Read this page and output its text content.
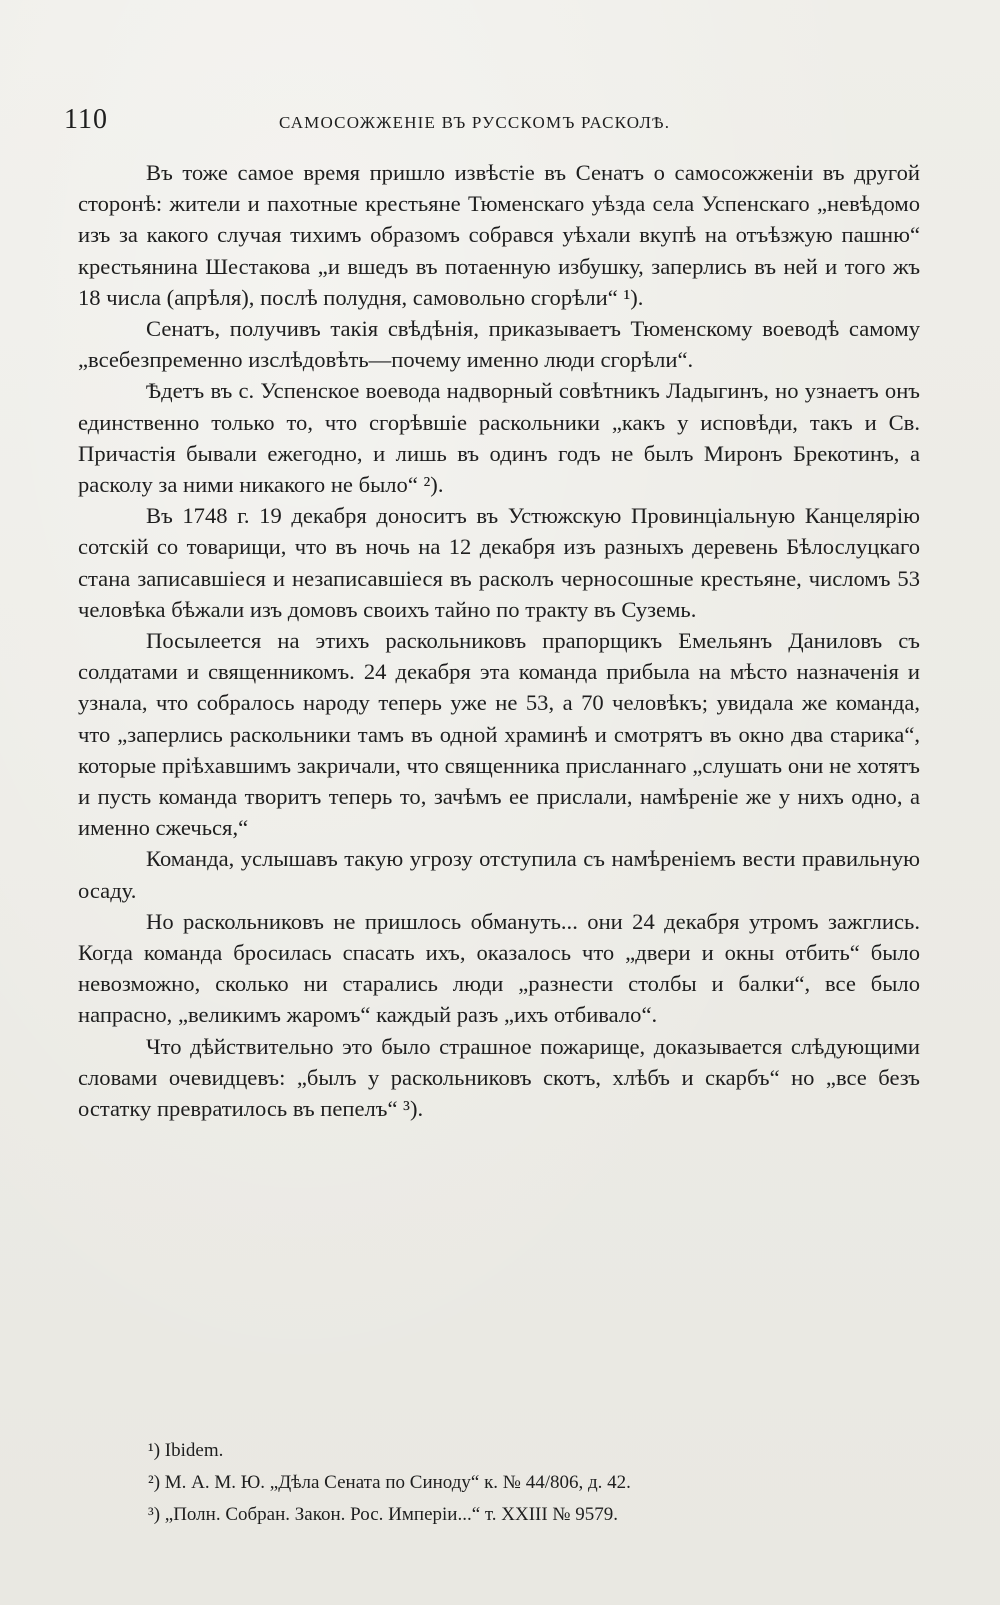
110	САМОСОЖЖЕНІЕ ВЪ РУССКОМЪ РАСКОЛѢ.

Въ тоже самое время пришло извѣстіе въ Сенатъ о самосожженіи въ другой сторонѣ: жители и пахотные крестьяне Тюменскаго уѣзда села Успенскаго „невѣдомо изъ за какого случая тихимъ образомъ собрався уѣхали вкупѣ на отъѣзжую пашню“ крестьянина Шестакова „и вшедъ въ потаенную избушку, заперлись въ ней и того жъ 18 числа (апрѣля), послѣ полудня, самовольно сгорѣли“ ¹).

Сенатъ, получивъ такія свѣдѣнія, приказываетъ Тюменскому воеводѣ самому „всебезпременно изслѣдовѣть—почему именно люди сгорѣли“.

Ѣдетъ въ с. Успенское воевода надворный совѣтникъ Ладыгинъ, но узнаетъ онъ единственно только то, что сгорѣвшіе раскольники „какъ у исповѣди, такъ и Св. Причастія бывали ежегодно, и лишь въ одинъ годъ не былъ Миронъ Брекотинъ, а расколу за ними никакого не было“ ²).

Въ 1748 г. 19 декабря доноситъ въ Устюжскую Провинціальную Канцелярію сотскій со товарищи, что въ ночь на 12 декабря изъ разныхъ деревень Бѣлослуцкаго стана записавшіеся и незаписавшіеся въ расколъ черносошные крестьяне, числомъ 53 человѣка бѣжали изъ домовъ своихъ тайно по тракту въ Суземь.

Посылеется на этихъ раскольниковъ прапорщикъ Емельянъ Даниловъ съ солдатами и священникомъ. 24 декабря эта команда прибыла на мѣсто назначенія и узнала, что собралось народу теперь уже не 53, а 70 человѣкъ; увидала же команда, что „заперлись раскольники тамъ въ одной храминѣ и смотрятъ въ окно два старика“, которые пріѣхавшимъ закричали, что священника присланнаго „слушать они не хотятъ и пусть команда творитъ теперь то, зачѣмъ ее прислали, намѣреніе же у нихъ одно, а именно сжечься,“

Команда, услышавъ такую угрозу отступила съ намѣреніемъ вести правильную осаду.

Но раскольниковъ не пришлось обмануть... они 24 декабря утромъ зажглись. Когда команда бросилась спасать ихъ, оказалось что „двери и окны отбить“ было невозможно, сколько ни старались люди „разнести столбы и балки“, все было напрасно, „великимъ жаромъ“ каждый разъ „ихъ отбивало“.

Что дѣйствительно это было страшное пожарище, доказывается слѣдующими словами очевидцевъ: „былъ у раскольниковъ скотъ, хлѣбъ и скарбъ“ но „все безъ остатку превратилось въ пепелъ“ ³).

¹) Ibidem.

²) М. А. М. Ю. „Дѣла Сената по Синоду“ к. № 44/806, д. 42.

³) „Полн. Собран. Закон. Рос. Имперіи...“ т. XXIII № 9579.
